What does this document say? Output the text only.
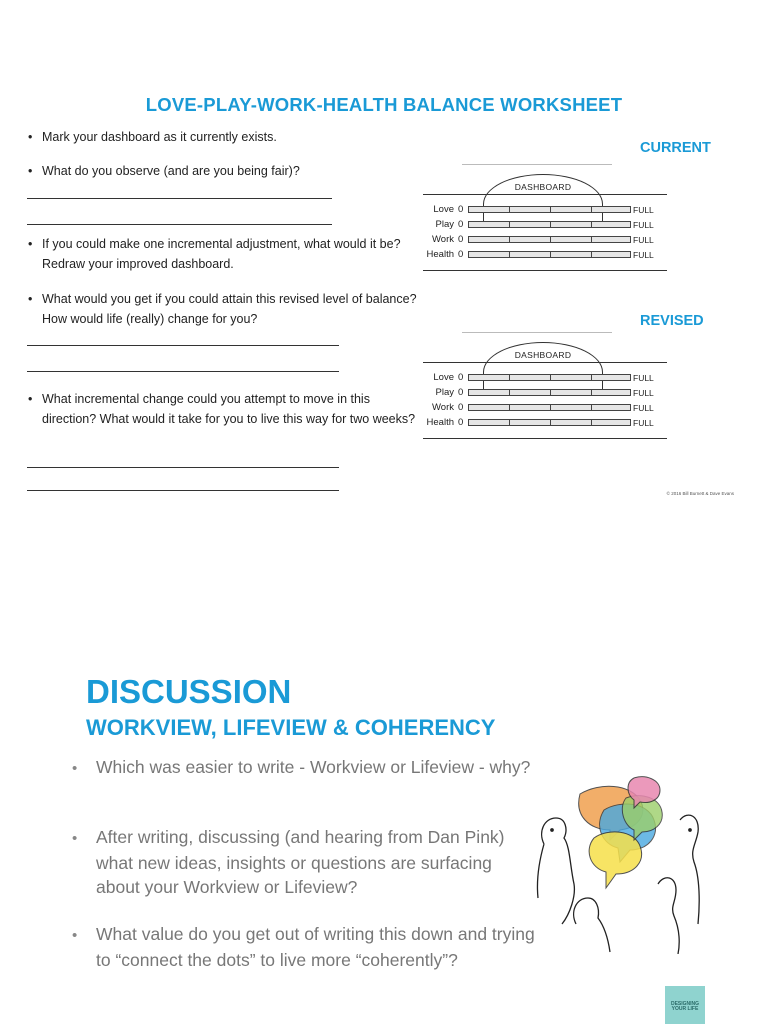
LOVE-PLAY-WORK-HEALTH BALANCE WORKSHEET
• Mark your dashboard as it currently exists.
• What do you observe (and are you being fair)?
• If you could make one incremental adjustment, what would it be? Redraw your improved dashboard.
• What would you get if you could attain this revised level of balance? How would life (really) change for you?
• What incremental change could you attempt to move in this direction? What would it take for you to live this way for two weeks?
CURRENT
REVISED
DASHBOARD
Love 0	FULL
Play 0	FULL
Work 0	FULL
Health 0	FULL
DASHBOARD
Love 0	FULL
Play 0	FULL
Work 0	FULL
Health 0	FULL
© 2016 Bill Burnett & Dave Evans
DISCUSSION
WORKVIEW, LIFEVIEW & COHERENCY
• Which was easier to write - Workview or Lifeview - why?
• After writing, discussing (and hearing from Dan Pink) what new ideas, insights or questions are surfacing about your Workview or Lifeview?
• What value do you get out of writing this down and trying to “connect the dots” to live more “coherently”?
DESIGNING YOUR LIFE
